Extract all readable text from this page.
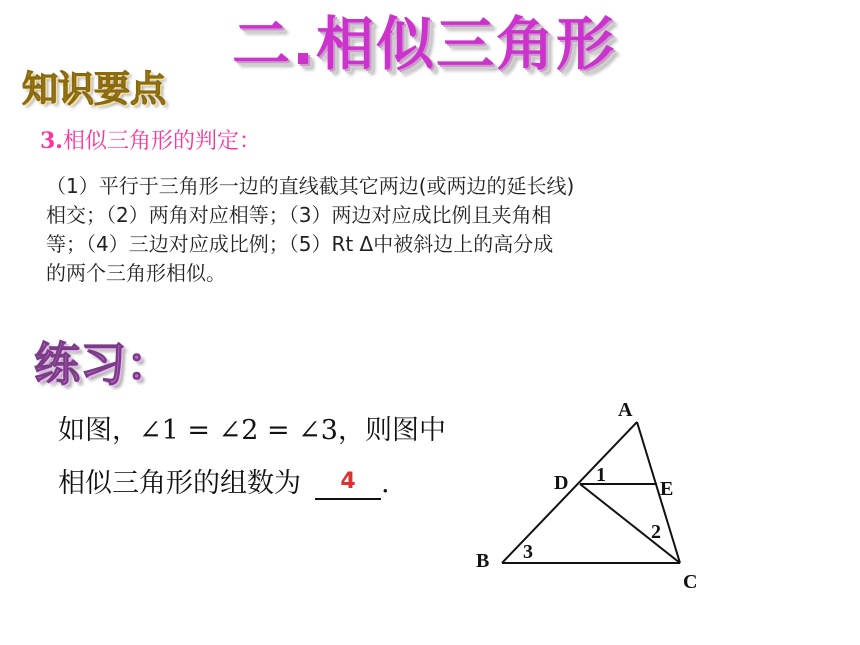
二.相似三角形
知识要点
3.相似三角形的判定：
（1）平行于三角形一边的直线截其它两边(或两边的延长线)
相交；（2）两角对应相等；（3）两边对应成比例且夹角相
等；（4）三边对应成比例；（5）Rt Δ中被斜边上的高分成
的两个三角形相似。
练习：
如图，∠1 = ∠2 = ∠3，则图中
相似三角形的组数为	4 .
A
D	E
B
C
1
2
3
